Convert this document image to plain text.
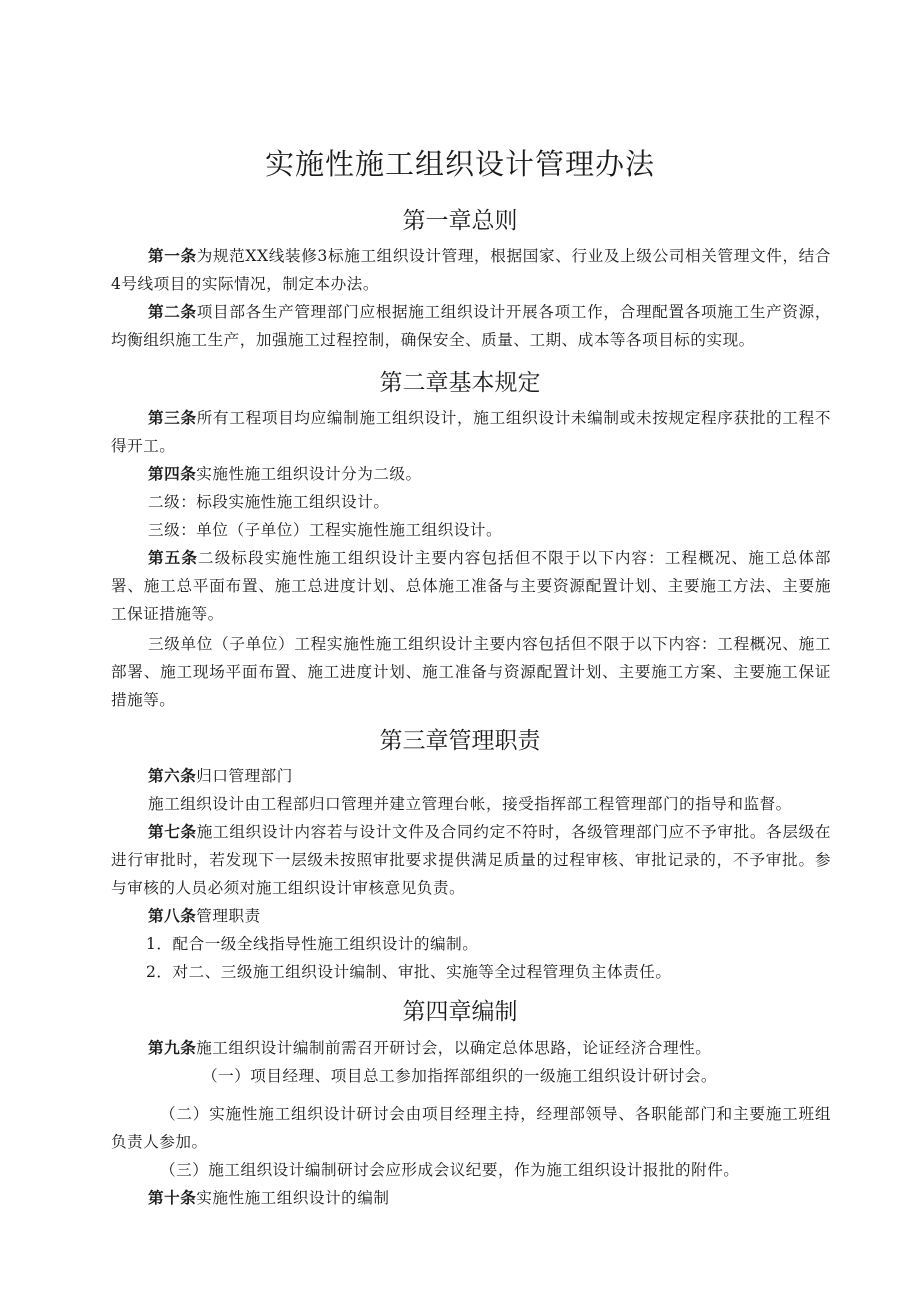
实施性施工组织设计管理办法
第一章总则

第一条为规范XX线装修3标施工组织设计管理，根据国家、行业及上级公司相关管理文件，结合4号线项目的实际情况，制定本办法。

第二条项目部各生产管理部门应根据施工组织设计开展各项工作，合理配置各项施工生产资源，均衡组织施工生产，加强施工过程控制，确保安全、质量、工期、成本等各项目标的实现。

第二章基本规定

第三条所有工程项目均应编制施工组织设计，施工组织设计未编制或未按规定程序获批的工程不得开工。

第四条实施性施工组织设计分为二级。

二级：标段实施性施工组织设计。

三级：单位（子单位）工程实施性施工组织设计。

第五条二级标段实施性施工组织设计主要内容包括但不限于以下内容：工程概况、施工总体部署、施工总平面布置、施工总进度计划、总体施工准备与主要资源配置计划、主要施工方法、主要施工保证措施等。

三级单位（子单位）工程实施性施工组织设计主要内容包括但不限于以下内容：工程概况、施工部署、施工现场平面布置、施工进度计划、施工准备与资源配置计划、主要施工方案、主要施工保证措施等。

第三章管理职责

第六条归口管理部门

施工组织设计由工程部归口管理并建立管理台帐，接受指挥部工程管理部门的指导和监督。

第七条施工组织设计内容若与设计文件及合同约定不符时，各级管理部门应不予审批。各层级在进行审批时，若发现下一层级未按照审批要求提供满足质量的过程审核、审批记录的，不予审批。参与审核的人员必须对施工组织设计审核意见负责。

第八条管理职责

1．配合一级全线指导性施工组织设计的编制。

2．对二、三级施工组织设计编制、审批、实施等全过程管理负主体责任。

第四章编制

第九条施工组织设计编制前需召开研讨会，以确定总体思路，论证经济合理性。

（一）项目经理、项目总工参加指挥部组织的一级施工组织设计研讨会。

（二）实施性施工组织设计研讨会由项目经理主持，经理部领导、各职能部门和主要施工班组负责人参加。

（三）施工组织设计编制研讨会应形成会议纪要，作为施工组织设计报批的附件。

第十条实施性施工组织设计的编制
